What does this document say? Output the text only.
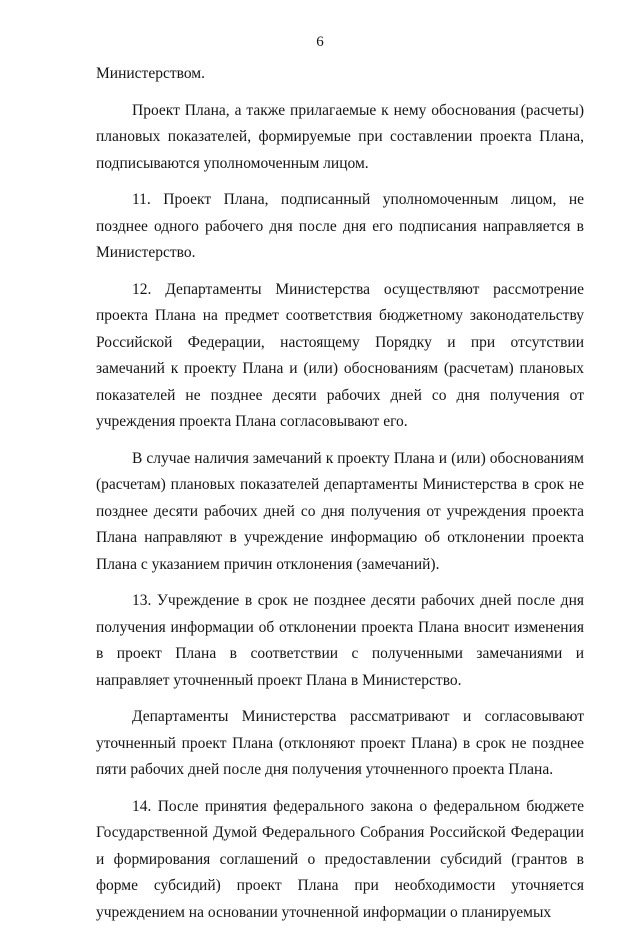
6

Министерством.

Проект Плана, а также прилагаемые к нему обоснования (расчеты) плановых показателей, формируемые при составлении проекта Плана, подписываются уполномоченным лицом.

11. Проект Плана, подписанный уполномоченным лицом, не позднее одного рабочего дня после дня его подписания направляется в Министерство.

12. Департаменты Министерства осуществляют рассмотрение проекта Плана на предмет соответствия бюджетному законодательству Российской Федерации, настоящему Порядку и при отсутствии замечаний к проекту Плана и (или) обоснованиям (расчетам) плановых показателей не позднее десяти рабочих дней со дня получения от учреждения проекта Плана согласовывают его.

В случае наличия замечаний к проекту Плана и (или) обоснованиям (расчетам) плановых показателей департаменты Министерства в срок не позднее десяти рабочих дней со дня получения от учреждения проекта Плана направляют в учреждение информацию об отклонении проекта Плана с указанием причин отклонения (замечаний).

13. Учреждение в срок не позднее десяти рабочих дней после дня получения информации об отклонении проекта Плана вносит изменения в проект Плана в соответствии с полученными замечаниями и направляет уточненный проект Плана в Министерство.

Департаменты Министерства рассматривают и согласовывают уточненный проект Плана (отклоняют проект Плана) в срок не позднее пяти рабочих дней после дня получения уточненного проекта Плана.

14. После принятия федерального закона о федеральном бюджете Государственной Думой Федерального Собрания Российской Федерации и формирования соглашений о предоставлении субсидий (грантов в форме субсидий) проект Плана при необходимости уточняется учреждением на основании уточненной информации о планируемых
